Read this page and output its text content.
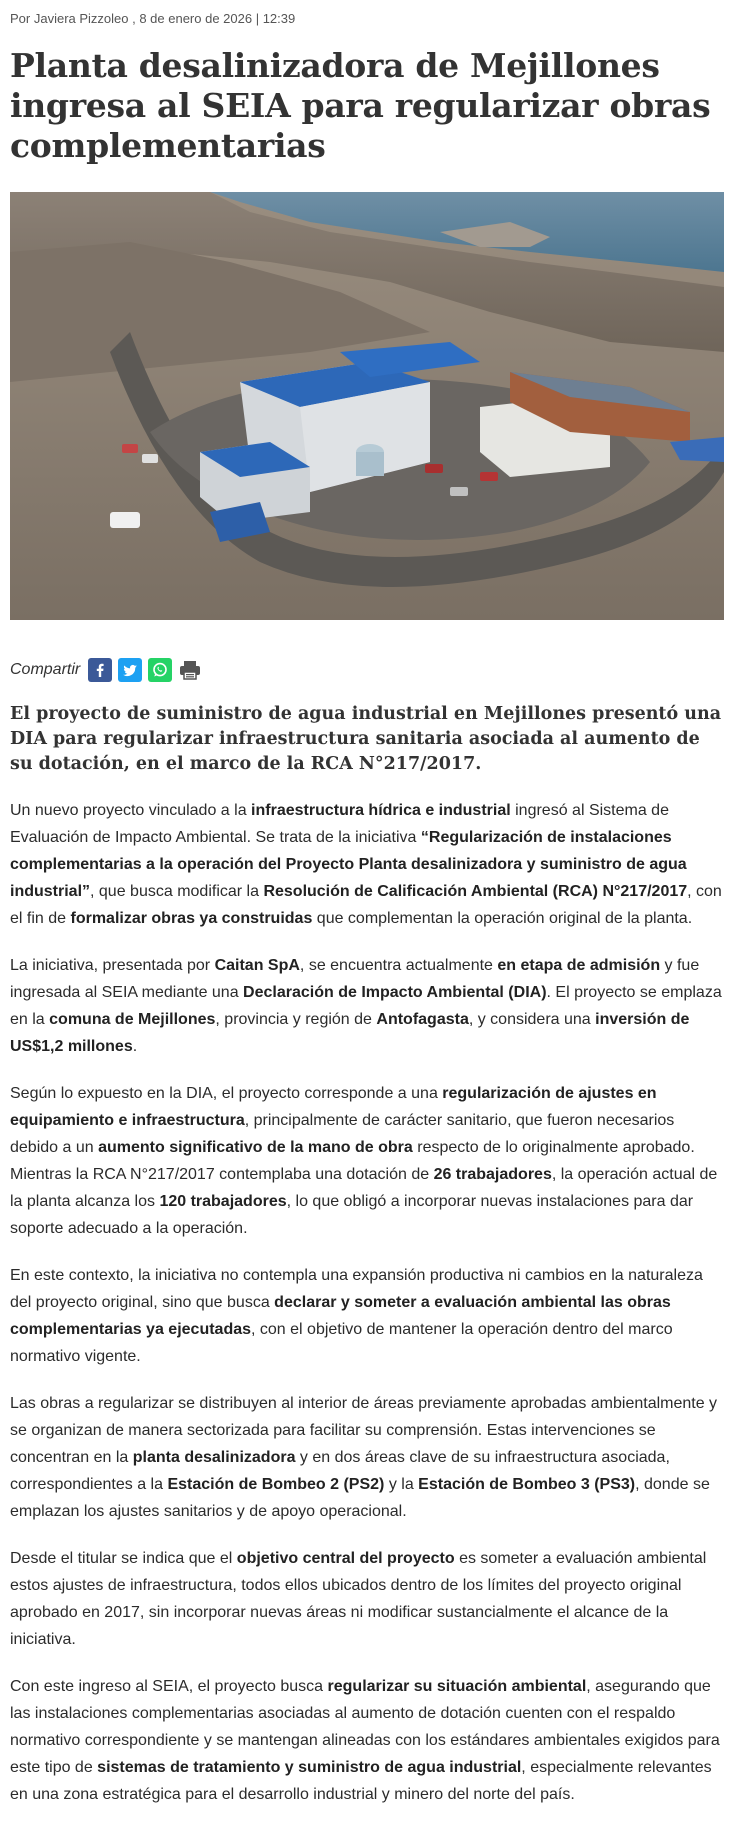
Por Javiera Pizzoleo , 8 de enero de 2026 | 12:39
Planta desalinizadora de Mejillones ingresa al SEIA para regularizar obras complementarias
Compartir

El proyecto de suministro de agua industrial en Mejillones presentó una DIA para regularizar infraestructura sanitaria asociada al aumento de su dotación, en el marco de la RCA N°217/2017.

Un nuevo proyecto vinculado a la infraestructura hídrica e industrial ingresó al Sistema de Evaluación de Impacto Ambiental. Se trata de la iniciativa “Regularización de instalaciones complementarias a la operación del Proyecto Planta desalinizadora y suministro de agua industrial”, que busca modificar la Resolución de Calificación Ambiental (RCA) N°217/2017, con el fin de formalizar obras ya construidas que complementan la operación original de la planta.

La iniciativa, presentada por Caitan SpA, se encuentra actualmente en etapa de admisión y fue ingresada al SEIA mediante una Declaración de Impacto Ambiental (DIA). El proyecto se emplaza en la comuna de Mejillones, provincia y región de Antofagasta, y considera una inversión de US$1,2 millones.

Según lo expuesto en la DIA, el proyecto corresponde a una regularización de ajustes en equipamiento e infraestructura, principalmente de carácter sanitario, que fueron necesarios debido a un aumento significativo de la mano de obra respecto de lo originalmente aprobado. Mientras la RCA N°217/2017 contemplaba una dotación de 26 trabajadores, la operación actual de la planta alcanza los 120 trabajadores, lo que obligó a incorporar nuevas instalaciones para dar soporte adecuado a la operación.

En este contexto, la iniciativa no contempla una expansión productiva ni cambios en la naturaleza del proyecto original, sino que busca declarar y someter a evaluación ambiental las obras complementarias ya ejecutadas, con el objetivo de mantener la operación dentro del marco normativo vigente.

Las obras a regularizar se distribuyen al interior de áreas previamente aprobadas ambientalmente y se organizan de manera sectorizada para facilitar su comprensión. Estas intervenciones se concentran en la planta desalinizadora y en dos áreas clave de su infraestructura asociada, correspondientes a la Estación de Bombeo 2 (PS2) y la Estación de Bombeo 3 (PS3), donde se emplazan los ajustes sanitarios y de apoyo operacional.

Desde el titular se indica que el objetivo central del proyecto es someter a evaluación ambiental estos ajustes de infraestructura, todos ellos ubicados dentro de los límites del proyecto original aprobado en 2017, sin incorporar nuevas áreas ni modificar sustancialmente el alcance de la iniciativa.

Con este ingreso al SEIA, el proyecto busca regularizar su situación ambiental, asegurando que las instalaciones complementarias asociadas al aumento de dotación cuenten con el respaldo normativo correspondiente y se mantengan alineadas con los estándares ambientales exigidos para este tipo de sistemas de tratamiento y suministro de agua industrial, especialmente relevantes en una zona estratégica para el desarrollo industrial y minero del norte del país.
